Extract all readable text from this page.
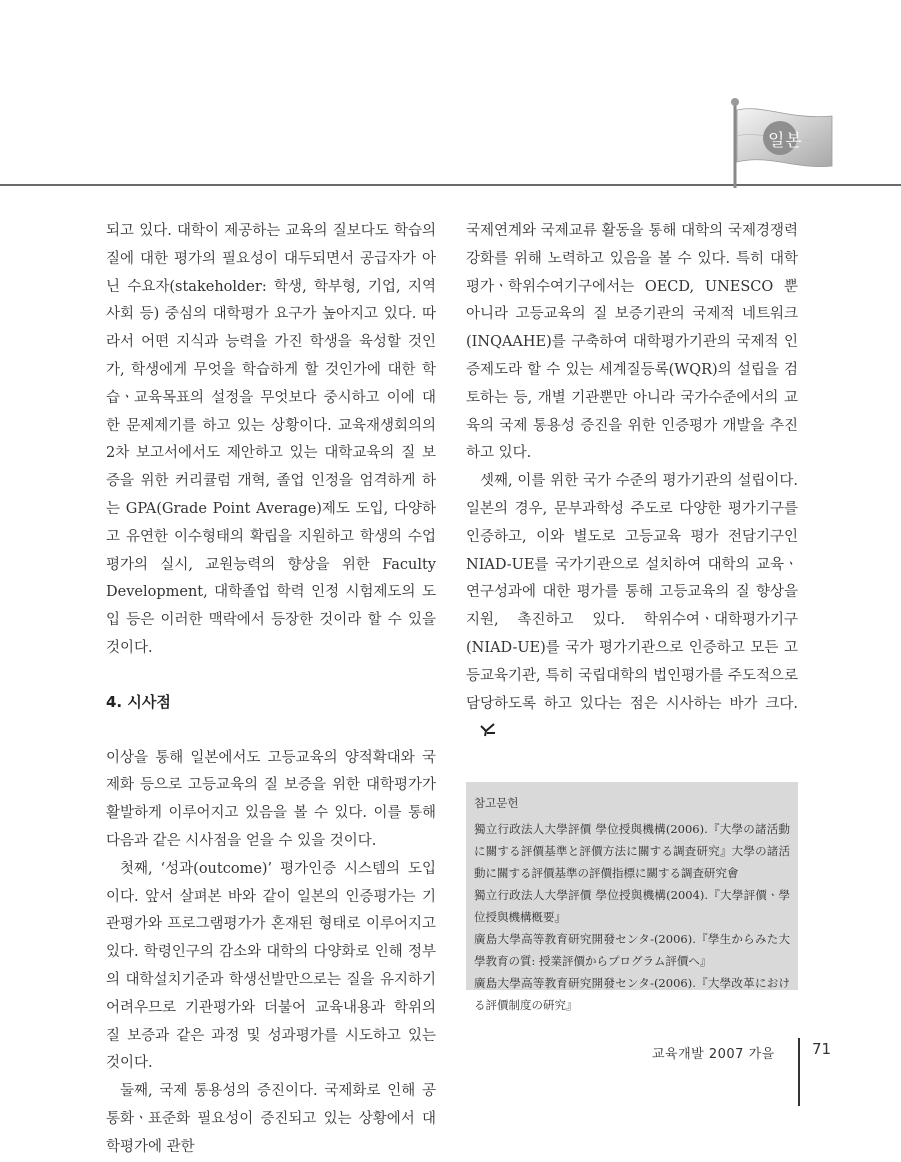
일본

되고 있다. 대학이 제공하는 교육의 질보다도 학습의 질에 대한 평가의 필요성이 대두되면서 공급자가 아닌 수요자(stakeholder: 학생, 학부형, 기업, 지역사회 등) 중심의 대학평가 요구가 높아지고 있다. 따라서 어떤 지식과 능력을 가진 학생을 육성할 것인가, 학생에게 무엇을 학습하게 할 것인가에 대한 학습ㆍ교육목표의 설정을 무엇보다 중시하고 이에 대한 문제제기를 하고 있는 상황이다. 교육재생회의의 2차 보고서에서도 제안하고 있는 대학교육의 질 보증을 위한 커리큘럼 개혁, 졸업 인정을 엄격하게 하는 GPA(Grade Point Average)제도 도입, 다양하고 유연한 이수형태의 확립을 지원하고 학생의 수업평가의 실시, 교원능력의 향상을 위한 Faculty Development, 대학졸업 학력 인정 시험제도의 도입 등은 이러한 맥락에서 등장한 것이라 할 수 있을 것이다.

4. 시사점

이상을 통해 일본에서도 고등교육의 양적확대와 국제화 등으로 고등교육의 질 보증을 위한 대학평가가 활발하게 이루어지고 있음을 볼 수 있다. 이를 통해 다음과 같은 시사점을 얻을 수 있을 것이다.

첫째, ‘성과(outcome)’ 평가인증 시스템의 도입이다. 앞서 살펴본 바와 같이 일본의 인증평가는 기관평가와 프로그램평가가 혼재된 형태로 이루어지고 있다. 학령인구의 감소와 대학의 다양화로 인해 정부의 대학설치기준과 학생선발만으로는 질을 유지하기 어려우므로 기관평가와 더불어 교육내용과 학위의 질 보증과 같은 과정 및 성과평가를 시도하고 있는 것이다.

둘째, 국제 통용성의 증진이다. 국제화로 인해 공통화ㆍ표준화 필요성이 증진되고 있는 상황에서 대학평가에 관한

국제연계와 국제교류 활동을 통해 대학의 국제경쟁력 강화를 위해 노력하고 있음을 볼 수 있다. 특히 대학평가ㆍ학위수여기구에서는 OECD, UNESCO 뿐 아니라 고등교육의 질 보증기관의 국제적 네트워크(INQAAHE)를 구축하여 대학평가기관의 국제적 인증제도라 할 수 있는 세계질등록(WQR)의 설립을 검토하는 등, 개별 기관뿐만 아니라 국가수준에서의 교육의 국제 통용성 증진을 위한 인증평가 개발을 추진하고 있다.

셋째, 이를 위한 국가 수준의 평가기관의 설립이다. 일본의 경우, 문부과학성 주도로 다양한 평가기구를 인증하고, 이와 별도로 고등교육 평가 전담기구인 NIAD-UE를 국가기관으로 설치하여 대학의 교육ㆍ연구성과에 대한 평가를 통해 고등교육의 질 향상을 지원, 촉진하고 있다. 학위수여ㆍ대학평가기구(NIAD-UE)를 국가 평가기관으로 인증하고 모든 고등교육기관, 특히 국립대학의 법인평가를 주도적으로 담당하도록 하고 있다는 점은 시사하는 바가 크다.

참고문헌
獨立行政法人大學評價 學位授與機構(2006).『大學の諸活動に關する評價基準と評價方法に關する調査研究』大學の諸活動に關する評價基準の評價指標に關する調査研究會
獨立行政法人大學評價 學位授與機構(2004).『大學評價ㆍ學位授與機構槪要』
廣島大學高等教育研究開發センタ-(2006).『學生からみた大學教育の質: 授業評價からプログラム評價へ』
廣島大學高等教育研究開發センタ-(2006).『大學改革における評價制度の硏究』
교육개발 2007 가을 71
